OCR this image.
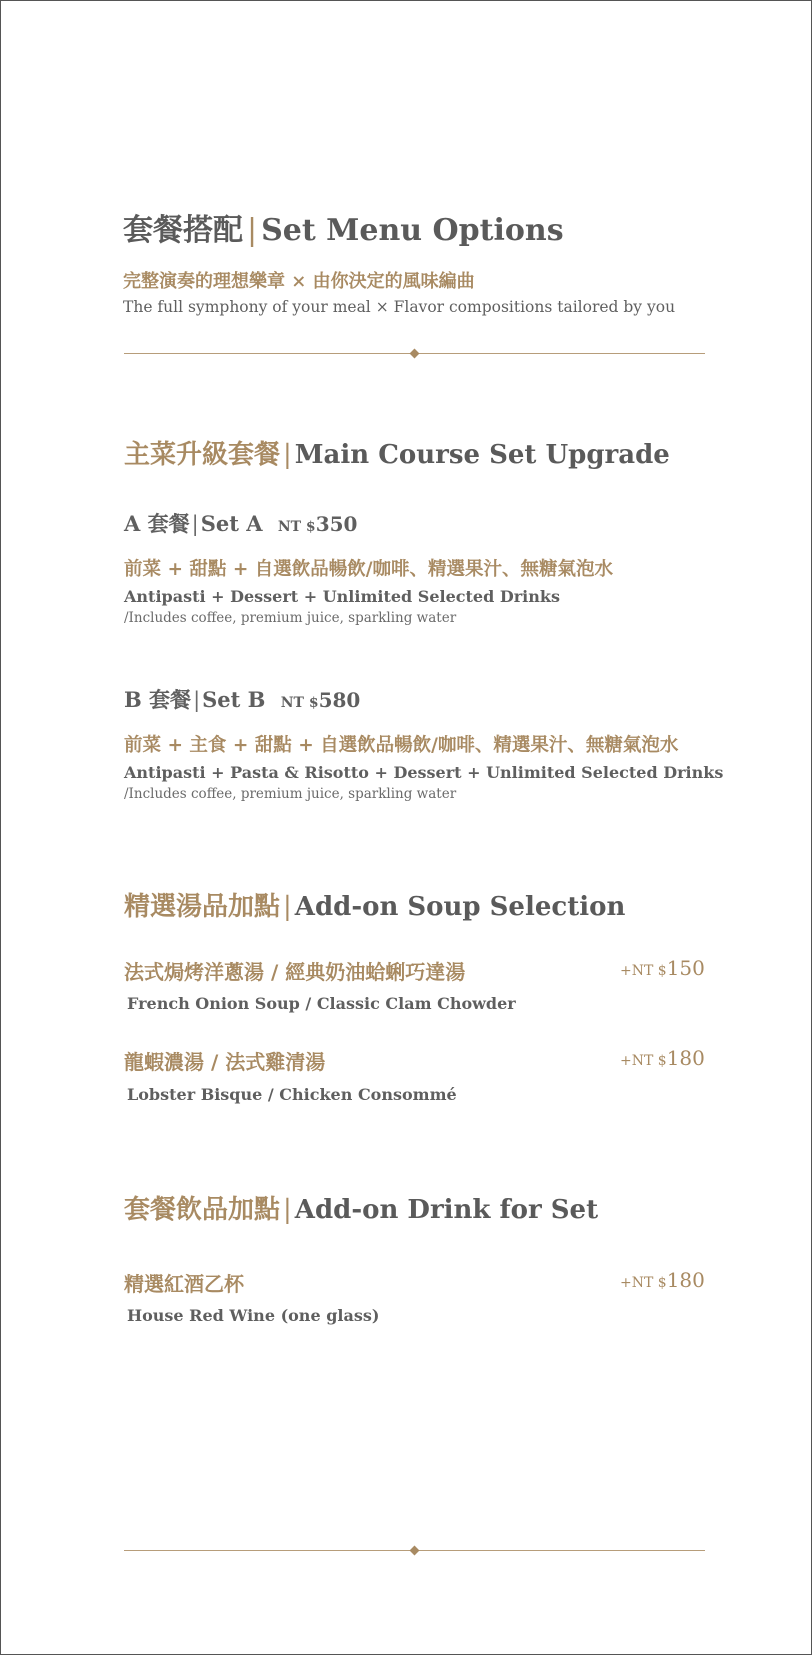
套餐搭配 | Set Menu Options
完整演奏的理想樂章 × 由你決定的風味編曲
The full symphony of your meal × Flavor compositions tailored by you
主菜升級套餐 | Main Course Set Upgrade
A 套餐|Set A NT $350
前菜 + 甜點 + 自選飲品暢飲/咖啡、精選果汁、無糖氣泡水
Antipasti + Dessert + Unlimited Selected Drinks
/Includes coffee, premium juice, sparkling water
B 套餐|Set B NT $580
前菜 + 主食 + 甜點 + 自選飲品暢飲/咖啡、精選果汁、無糖氣泡水
Antipasti + Pasta & Risotto + Dessert + Unlimited Selected Drinks
/Includes coffee, premium juice, sparkling water
精選湯品加點 | Add-on Soup Selection
法式焗烤洋蔥湯 / 經典奶油蛤蜊巧達湯	+NT $150
French Onion Soup / Classic Clam Chowder
龍蝦濃湯 / 法式雞清湯	+NT $180
Lobster Bisque / Chicken Consommé
套餐飲品加點 | Add-on Drink for Set
精選紅酒乙杯	+NT $180
House Red Wine (one glass)
